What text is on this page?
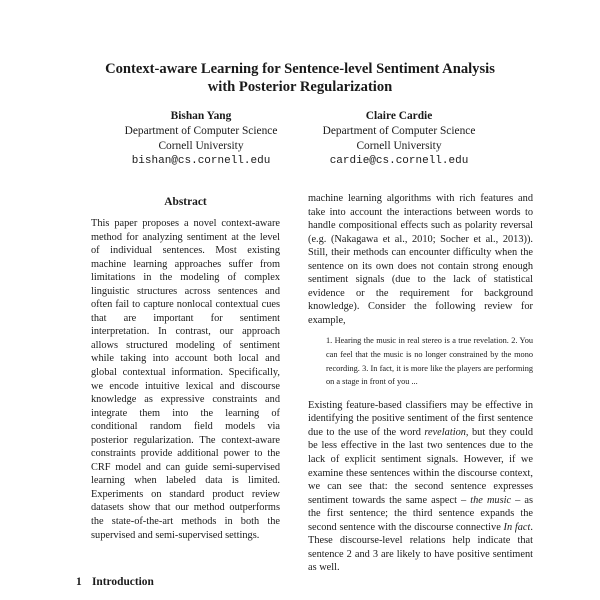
Context-aware Learning for Sentence-level Sentiment Analysis
with Posterior Regularization
Bishan Yang
Department of Computer Science
Cornell University
bishan@cs.cornell.edu
Claire Cardie
Department of Computer Science
Cornell University
cardie@cs.cornell.edu
Abstract

This paper proposes a novel context-aware method for analyzing sentiment at the level of individual sentences. Most existing machine learning approaches suffer from limitations in the modeling of complex linguistic structures across sentences and often fail to capture nonlocal contextual cues that are important for sentiment interpretation. In contrast, our approach allows structured modeling of sentiment while taking into account both local and global contextual information. Specifically, we encode intuitive lexical and discourse knowledge as expressive constraints and integrate them into the learning of conditional random field models via posterior regularization. The context-aware constraints provide additional power to the CRF model and can guide semi-supervised learning when labeled data is limited. Experiments on standard product review datasets show that our method outperforms the state-of-the-art methods in both the supervised and semi-supervised settings.

1 Introduction

machine learning algorithms with rich features and take into account the interactions between words to handle compositional effects such as polarity reversal (e.g. (Nakagawa et al., 2010; Socher et al., 2013)). Still, their methods can encounter difficulty when the sentence on its own does not contain strong enough sentiment signals (due to the lack of statistical evidence or the requirement for background knowledge). Consider the following review for example,

1. Hearing the music in real stereo is a true revelation. 2. You can feel that the music is no longer constrained by the mono recording. 3. In fact, it is more like the players are performing on a stage in front of you ...

Existing feature-based classifiers may be effective in identifying the positive sentiment of the first sentence due to the use of the word revelation, but they could be less effective in the last two sentences due to the lack of explicit sentiment signals. However, if we examine these sentences within the discourse context, we can see that: the second sentence expresses sentiment towards the same aspect – the music – as the first sentence; the third sentence expands the second sentence with the discourse connective In fact. These discourse-level relations help indicate that sentence 2 and 3 are likely to have positive sentiment as well.
